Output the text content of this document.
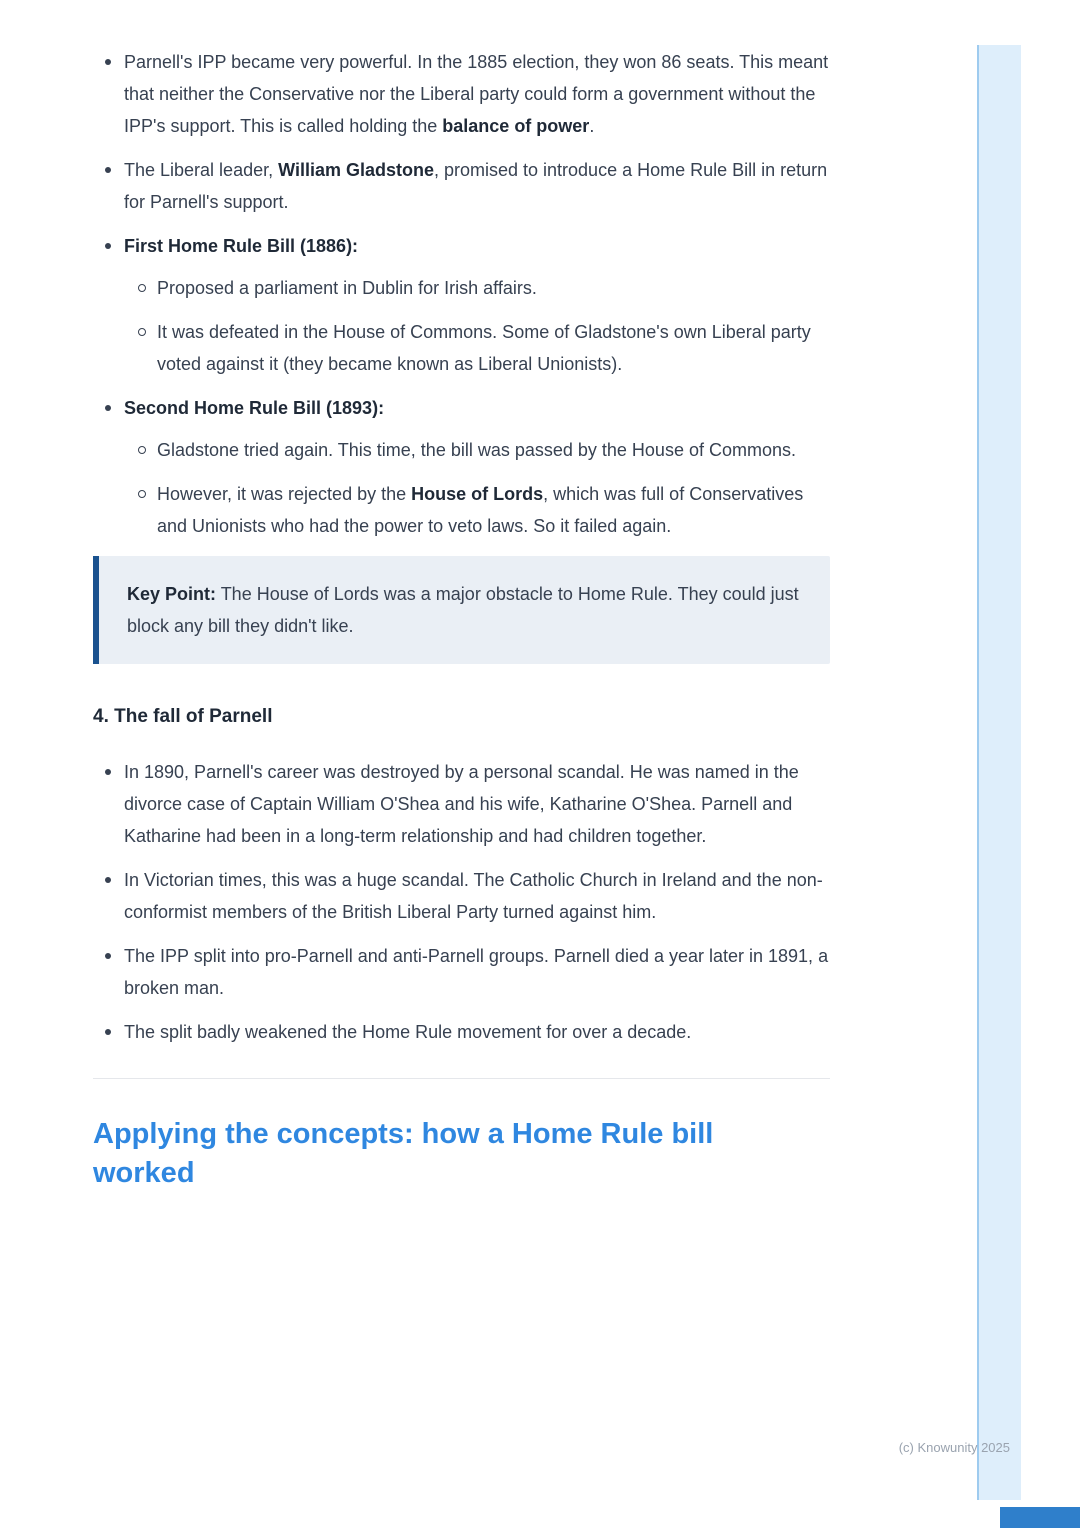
Parnell's IPP became very powerful. In the 1885 election, they won 86 seats. This meant that neither the Conservative nor the Liberal party could form a government without the IPP's support. This is called holding the balance of power.
The Liberal leader, William Gladstone, promised to introduce a Home Rule Bill in return for Parnell's support.
First Home Rule Bill (1886):
Proposed a parliament in Dublin for Irish affairs.
It was defeated in the House of Commons. Some of Gladstone's own Liberal party voted against it (they became known as Liberal Unionists).
Second Home Rule Bill (1893):
Gladstone tried again. This time, the bill was passed by the House of Commons.
However, it was rejected by the House of Lords, which was full of Conservatives and Unionists who had the power to veto laws. So it failed again.

Key Point: The House of Lords was a major obstacle to Home Rule. They could just block any bill they didn't like.

4. The fall of Parnell
In 1890, Parnell's career was destroyed by a personal scandal. He was named in the divorce case of Captain William O'Shea and his wife, Katharine O'Shea. Parnell and Katharine had been in a long-term relationship and had children together.
In Victorian times, this was a huge scandal. The Catholic Church in Ireland and the non-conformist members of the British Liberal Party turned against him.
The IPP split into pro-Parnell and anti-Parnell groups. Parnell died a year later in 1891, a broken man.
The split badly weakened the Home Rule movement for over a decade.
Applying the concepts: how a Home Rule bill worked
(c) Knowunity 2025
